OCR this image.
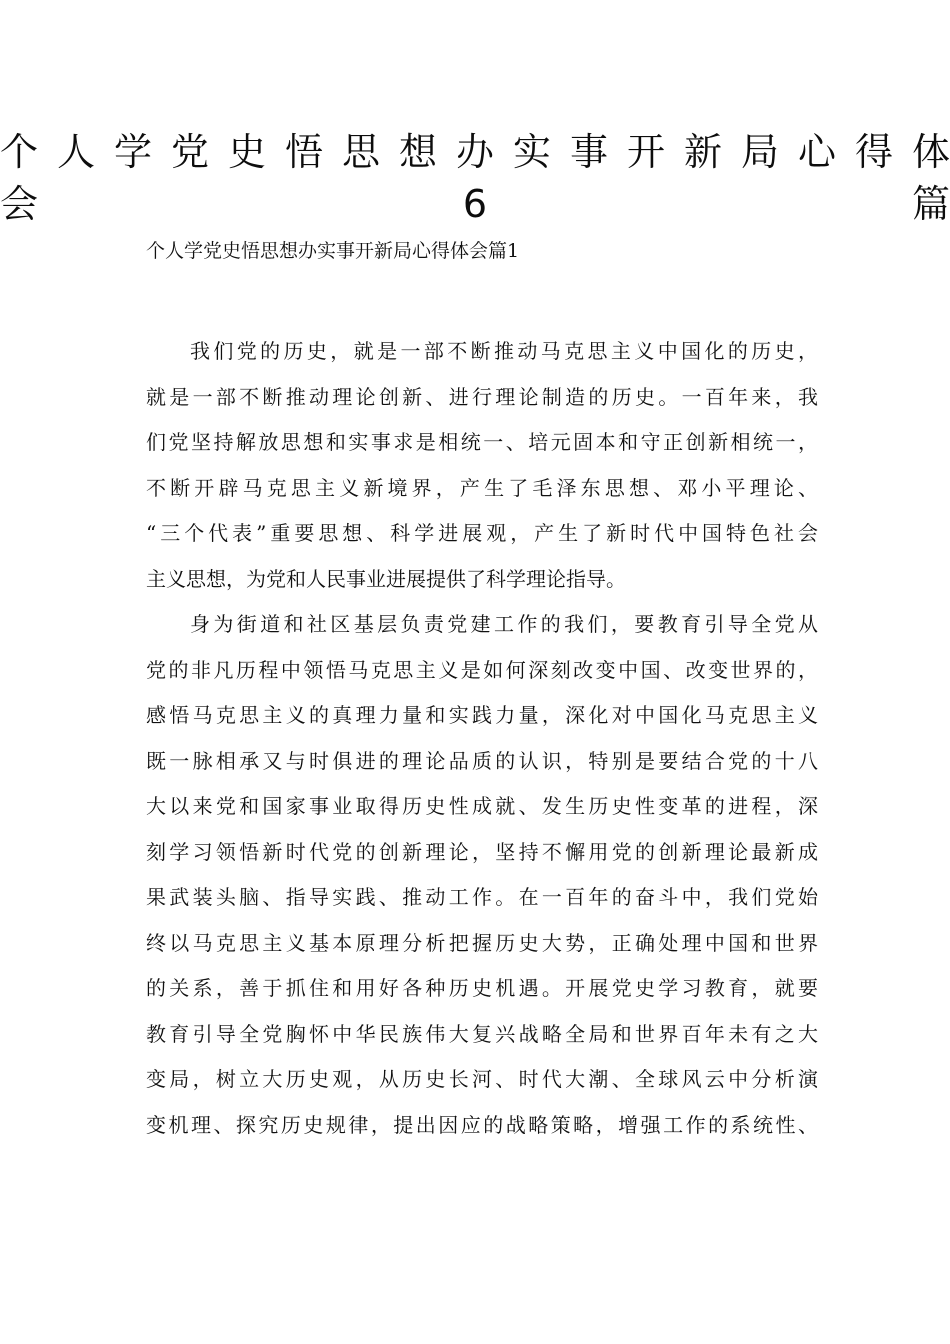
个人学党史悟思想办实事开新局心得体
会6篇

个人学党史悟思想办实事开新局心得体会篇1

我们党的历史，就是一部不断推动马克思主义中国化的历史，
就是一部不断推动理论创新、进行理论制造的历史。一百年来，我
们党坚持解放思想和实事求是相统一、培元固本和守正创新相统一，
不断开辟马克思主义新境界，产生了毛泽东思想、邓小平理论、
“三个代表”重要思想、科学进展观，产生了新时代中国特色社会
主义思想，为党和人民事业进展提供了科学理论指导。

身为街道和社区基层负责党建工作的我们，要教育引导全党从
党的非凡历程中领悟马克思主义是如何深刻改变中国、改变世界的，
感悟马克思主义的真理力量和实践力量，深化对中国化马克思主义
既一脉相承又与时俱进的理论品质的认识，特别是要结合党的十八
大以来党和国家事业取得历史性成就、发生历史性变革的进程，深
刻学习领悟新时代党的创新理论，坚持不懈用党的创新理论最新成
果武装头脑、指导实践、推动工作。在一百年的奋斗中，我们党始
终以马克思主义基本原理分析把握历史大势，正确处理中国和世界
的关系，善于抓住和用好各种历史机遇。开展党史学习教育，就要
教育引导全党胸怀中华民族伟大复兴战略全局和世界百年未有之大
变局，树立大历史观，从历史长河、时代大潮、全球风云中分析演
变机理、探究历史规律，提出因应的战略策略，增强工作的系统性、
